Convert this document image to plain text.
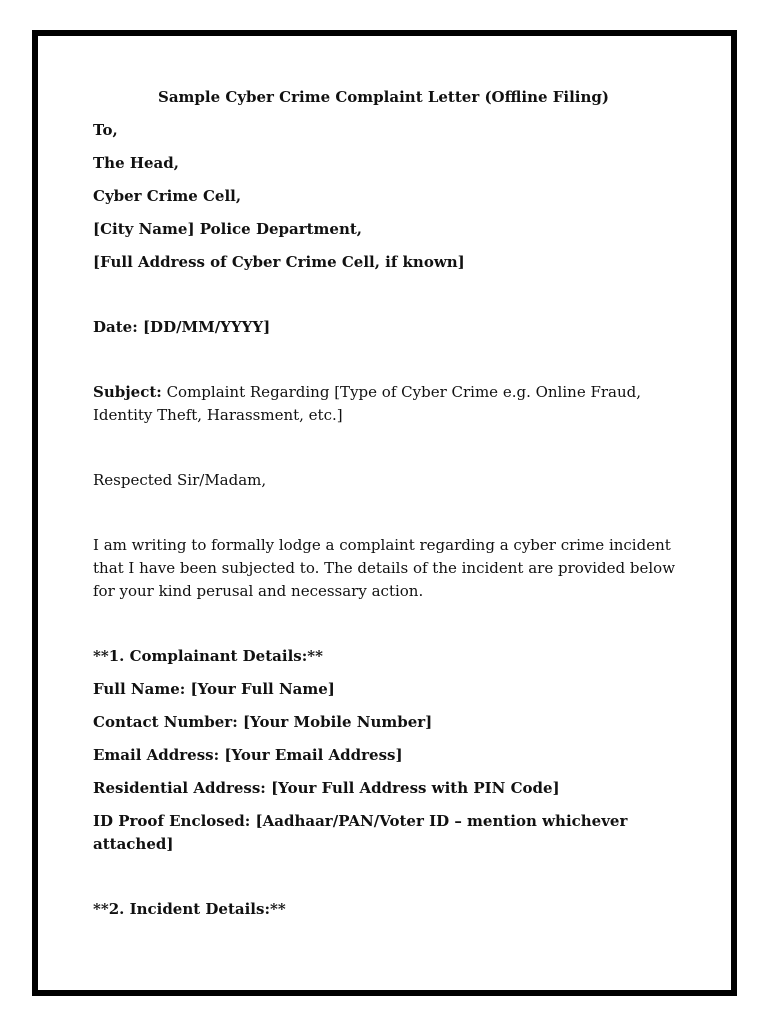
Sample Cyber Crime Complaint Letter (Offline Filing)
To,
The Head,
Cyber Crime Cell,
[City Name] Police Department,
[Full Address of Cyber Crime Cell, if known]
Date: [DD/MM/YYYY]
Subject: Complaint Regarding [Type of Cyber Crime e.g. Online Fraud, Identity Theft, Harassment, etc.]
Respected Sir/Madam,
I am writing to formally lodge a complaint regarding a cyber crime incident that I have been subjected to. The details of the incident are provided below for your kind perusal and necessary action.
**1. Complainant Details:**
Full Name: [Your Full Name]
Contact Number: [Your Mobile Number]
Email Address: [Your Email Address]
Residential Address: [Your Full Address with PIN Code]
ID Proof Enclosed: [Aadhaar/PAN/Voter ID – mention whichever attached]
**2. Incident Details:**
